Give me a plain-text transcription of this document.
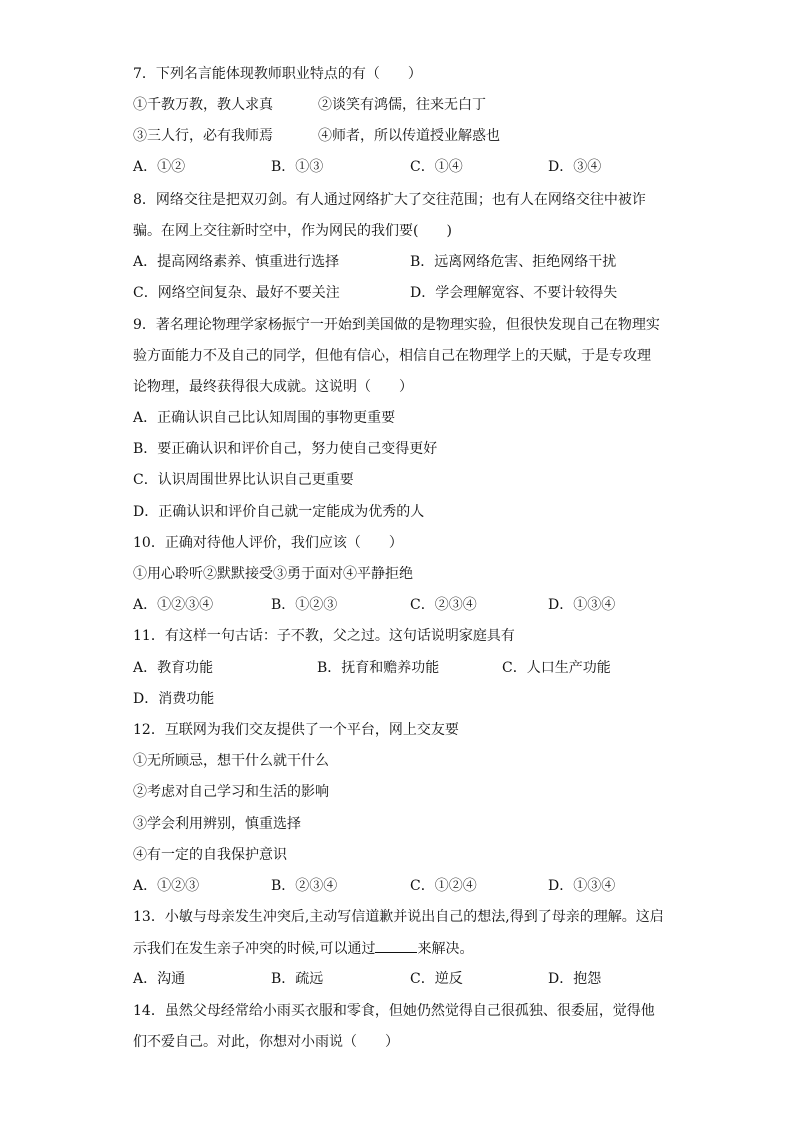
7．下列名言能体现教师职业特点的有（　　）
①千教万教，教人求真	②谈笑有鸿儒，往来无白丁
③三人行，必有我师焉	④师者，所以传道授业解惑也
A．①②	B．①③	C．①④	D．③④
8．网络交往是把双刃剑。有人通过网络扩大了交往范围；也有人在网络交往中被诈
骗。在网上交往新时空中，作为网民的我们要(　　)
A．提高网络素养、慎重进行选择	B．远离网络危害、拒绝网络干扰
C．网络空间复杂、最好不要关注	D．学会理解宽容、不要计较得失
9．著名理论物理学家杨振宁一开始到美国做的是物理实验，但很快发现自己在物理实
验方面能力不及自己的同学，但他有信心，相信自己在物理学上的天赋，于是专攻理
论物理，最终获得很大成就。这说明（　　）
A．正确认识自己比认知周围的事物更重要
B．要正确认识和评价自己，努力使自己变得更好
C．认识周围世界比认识自己更重要
D．正确认识和评价自己就一定能成为优秀的人
10．正确对待他人评价，我们应该（　　）
①用心聆听②默默接受③勇于面对④平静拒绝
A．①②③④	B．①②③	C．②③④	D．①③④
11．有这样一句古话：子不教，父之过。这句话说明家庭具有
A．教育功能	B．抚育和赡养功能	C．人口生产功能
D．消费功能
12．互联网为我们交友提供了一个平台，网上交友要
①无所顾忌，想干什么就干什么
②考虑对自己学习和生活的影响
③学会利用辨别，慎重选择
④有一定的自我保护意识
A．①②③	B．②③④	C．①②④	D．①③④
13．小敏与母亲发生冲突后,主动写信道歉并说出自己的想法,得到了母亲的理解。这启
示我们在发生亲子冲突的时候,可以通过	来解决。
A．沟通	B．疏远	C．逆反	D．抱怨
14．虽然父母经常给小雨买衣服和零食，但她仍然觉得自己很孤独、很委屈，觉得他
们不爱自己。对此，你想对小雨说（　　）
